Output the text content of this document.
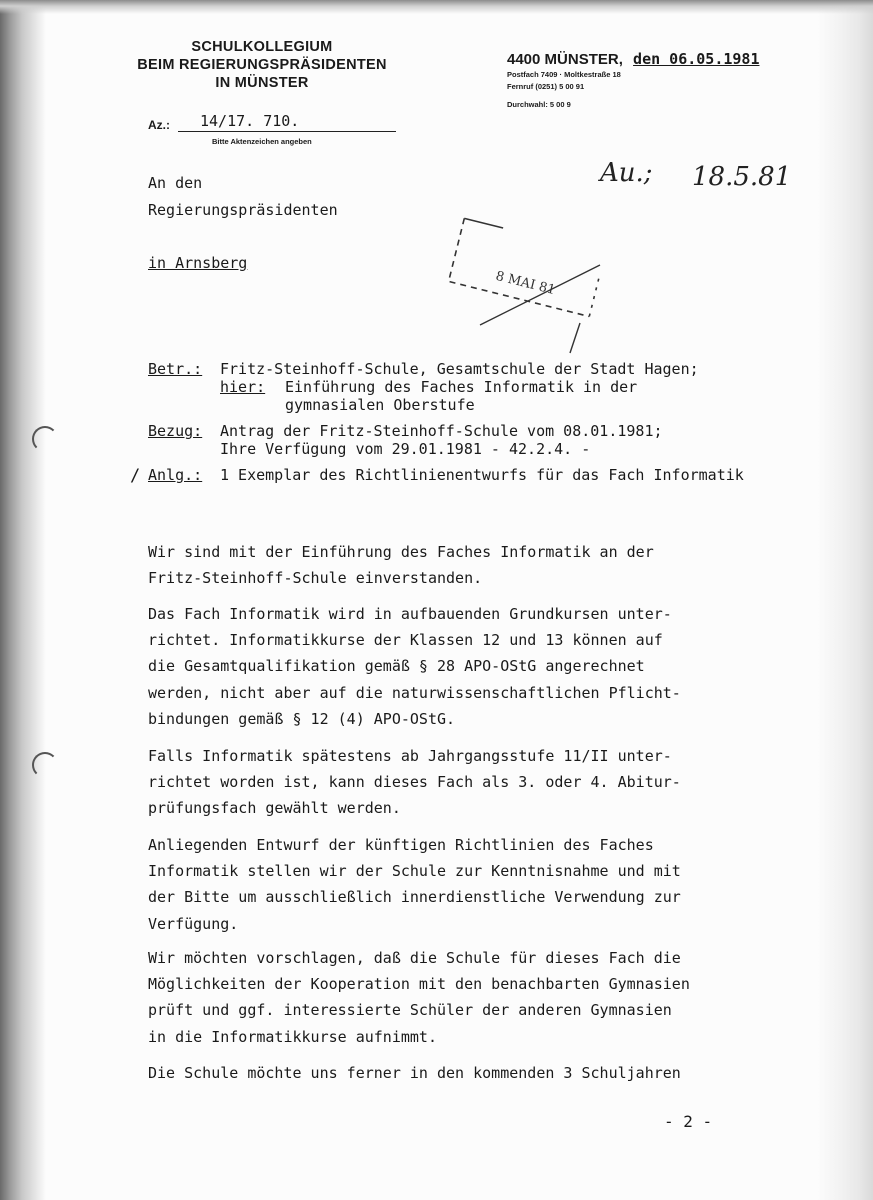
SCHULKOLLEGIUM
BEIM REGIERUNGSPRÄSIDENTEN
IN MÜNSTER
4400 MÜNSTER, den 06.05.1981
Postfach 7409 · Moltkestraße 18
Fernruf (0251) 5 00 91
Durchwahl: 5 00 9
Az.: 14/17. 710.
Bitte Aktenzeichen angeben
An den
Regierungspräsidenten
in Arnsberg
Au.; 18.5.81
8 MAI 81
Betr.: Fritz-Steinhoff-Schule, Gesamtschule der Stadt Hagen;
hier: Einführung des Faches Informatik in der
gymnasialen Oberstufe
Bezug: Antrag der Fritz-Steinhoff-Schule vom 08.01.1981;
Ihre Verfügung vom 29.01.1981 - 42.2.4. -
/ Anlg.: 1 Exemplar des Richtlinienentwurfs für das Fach Informatik
Wir sind mit der Einführung des Faches Informatik an der
Fritz-Steinhoff-Schule einverstanden.
Das Fach Informatik wird in aufbauenden Grundkursen unter-
richtet. Informatikkurse der Klassen 12 und 13 können auf
die Gesamtqualifikation gemäß § 28 APO-OStG angerechnet
werden, nicht aber auf die naturwissenschaftlichen Pflicht-
bindungen gemäß § 12 (4) APO-OStG.
Falls Informatik spätestens ab Jahrgangsstufe 11/II unter-
richtet worden ist, kann dieses Fach als 3. oder 4. Abitur-
prüfungsfach gewählt werden.
Anliegenden Entwurf der künftigen Richtlinien des Faches
Informatik stellen wir der Schule zur Kenntnisnahme und mit
der Bitte um ausschließlich innerdienstliche Verwendung zur
Verfügung.
Wir möchten vorschlagen, daß die Schule für dieses Fach die
Möglichkeiten der Kooperation mit den benachbarten Gymnasien
prüft und ggf. interessierte Schüler der anderen Gymnasien
in die Informatikkurse aufnimmt.
Die Schule möchte uns ferner in den kommenden 3 Schuljahren
- 2 -
